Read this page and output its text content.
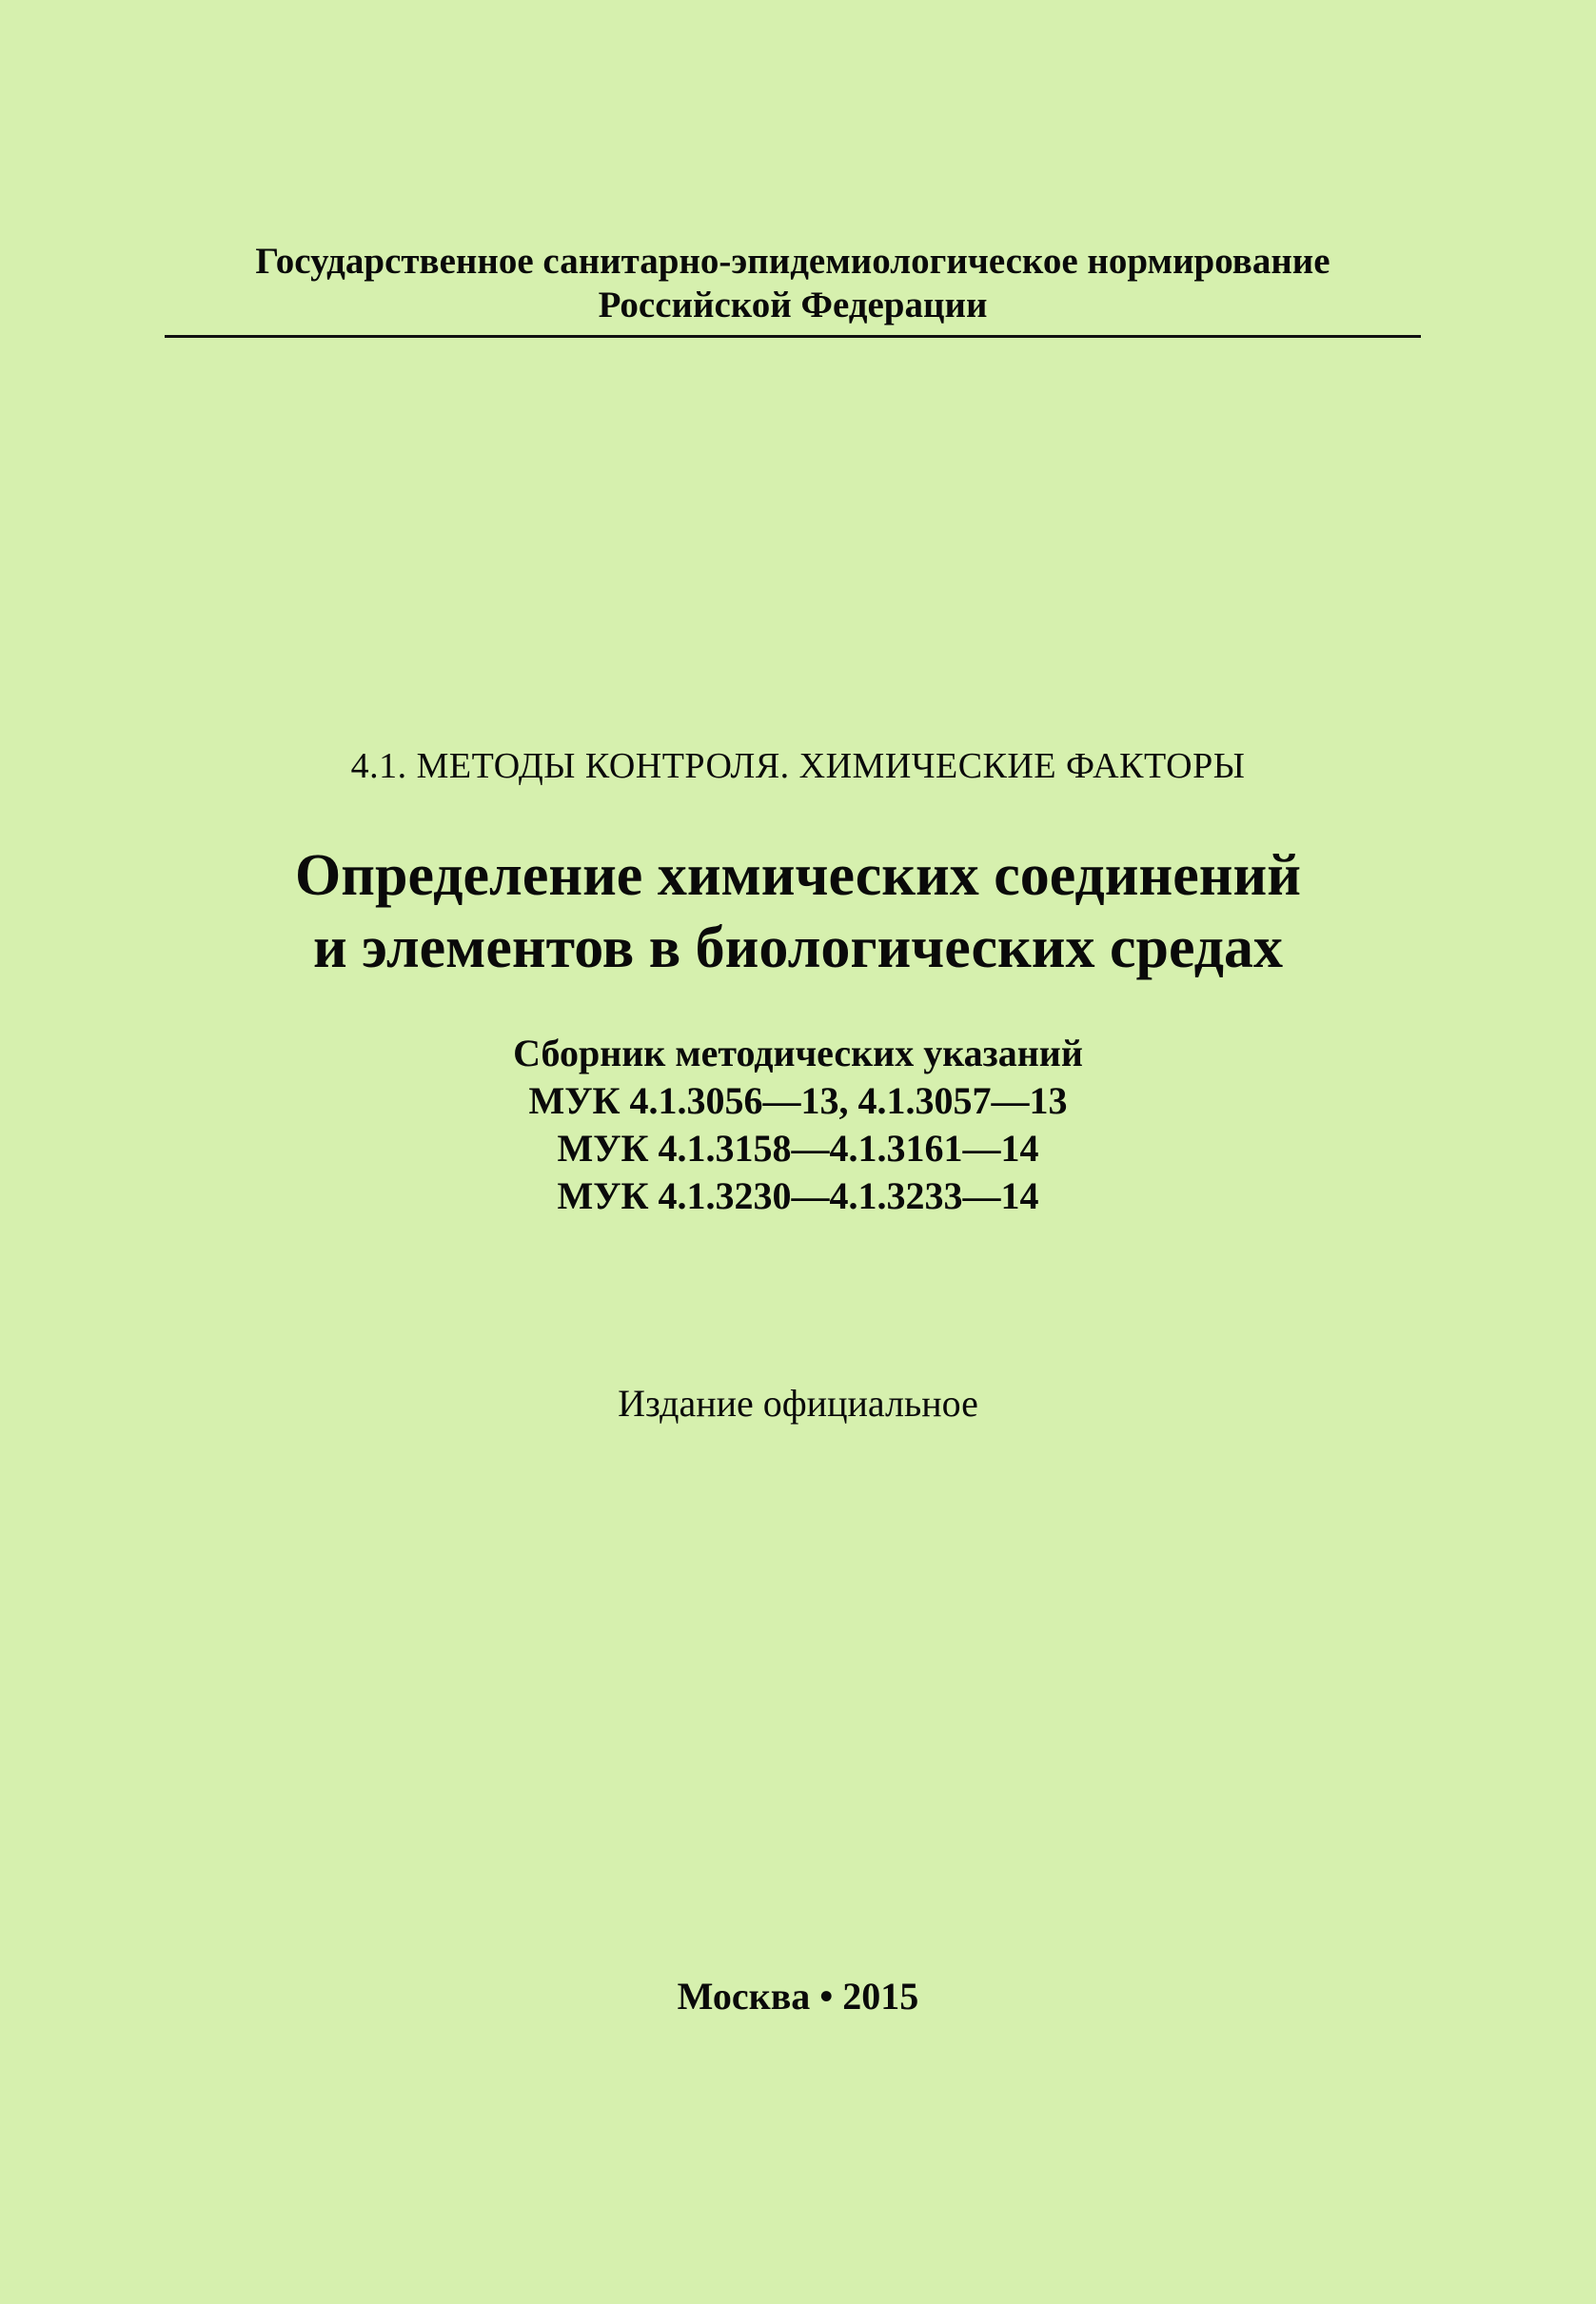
Государственное санитарно-эпидемиологическое нормирование
Российской Федерации
4.1. МЕТОДЫ КОНТРОЛЯ. ХИМИЧЕСКИЕ ФАКТОРЫ
Определение химических соединений
и элементов в биологических средах
Сборник методических указаний
МУК 4.1.3056—13, 4.1.3057—13
МУК 4.1.3158—4.1.3161—14
МУК 4.1.3230—4.1.3233—14
Издание официальное
Москва • 2015
